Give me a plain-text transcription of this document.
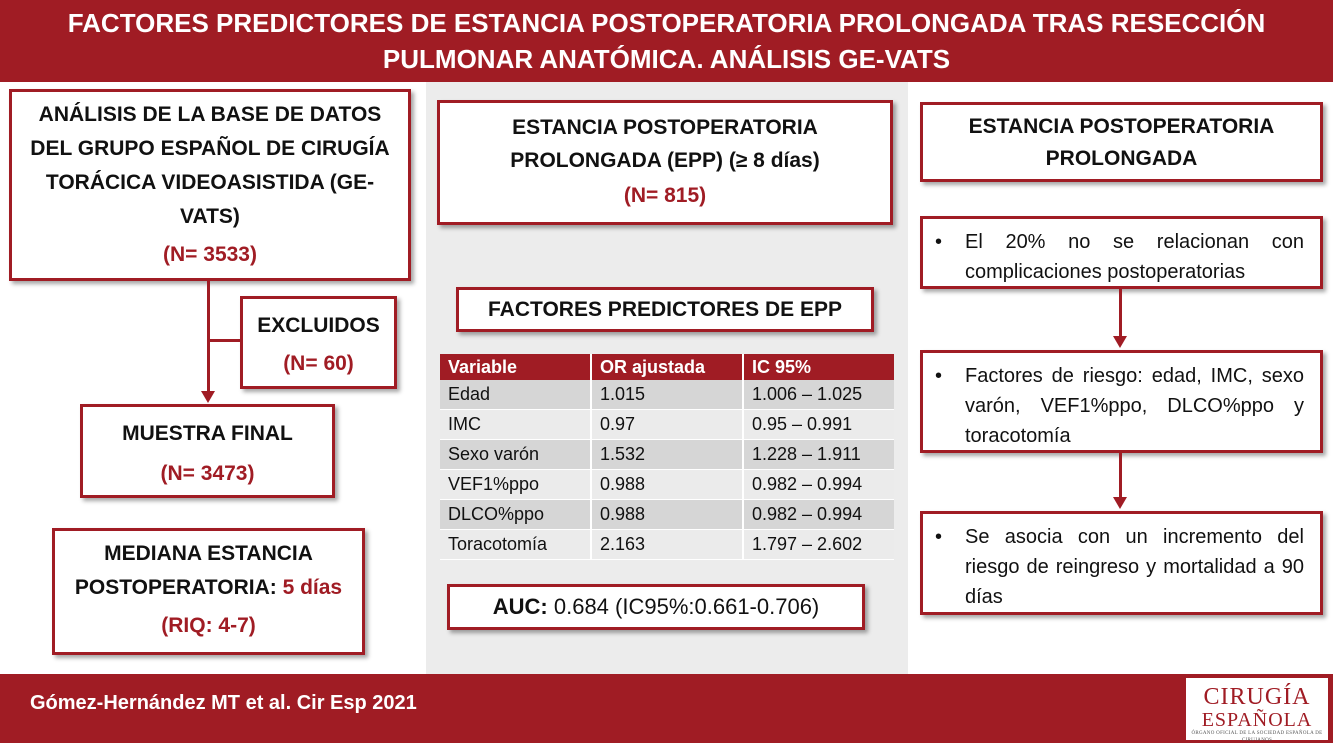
FACTORES PREDICTORES DE ESTANCIA POSTOPERATORIA PROLONGADA TRAS RESECCIÓN PULMONAR ANATÓMICA. ANÁLISIS GE-VATS
ANÁLISIS DE LA BASE DE DATOS DEL GRUPO ESPAÑOL DE CIRUGÍA TORÁCICA VIDEOASISTIDA (GE-VATS)
(N= 3533)
EXCLUIDOS
(N= 60)
MUESTRA FINAL
(N= 3473)
MEDIANA ESTANCIA
POSTOPERATORIA: 5 días
(RIQ: 4-7)
ESTANCIA POSTOPERATORIA PROLONGADA (EPP) (≥ 8 días)
(N= 815)
FACTORES PREDICTORES DE EPP
Variable	OR ajustada	IC 95%
Edad	1.015	1.006 – 1.025
IMC	0.97	0.95 – 0.991
Sexo varón	1.532	1.228 – 1.911
VEF1%ppo	0.988	0.982 – 0.994
DLCO%ppo	0.988	0.982 – 0.994
Toracotomía	2.163	1.797 – 2.602
AUC: 0.684 (IC95%:0.661-0.706)
ESTANCIA POSTOPERATORIA PROLONGADA
•	El 20% no se relacionan con complicaciones postoperatorias
•	Factores de riesgo: edad, IMC, sexo varón, VEF1%ppo, DLCO%ppo y toracotomía
•	Se asocia con un incremento del riesgo de reingreso y mortalidad a 90 días
Gómez-Hernández MT et al. Cir Esp 2021	CIRUGÍA
ESPAÑOLA
ÓRGANO OFICIAL DE LA SOCIEDAD ESPAÑOLA DE CIRUJANOS
